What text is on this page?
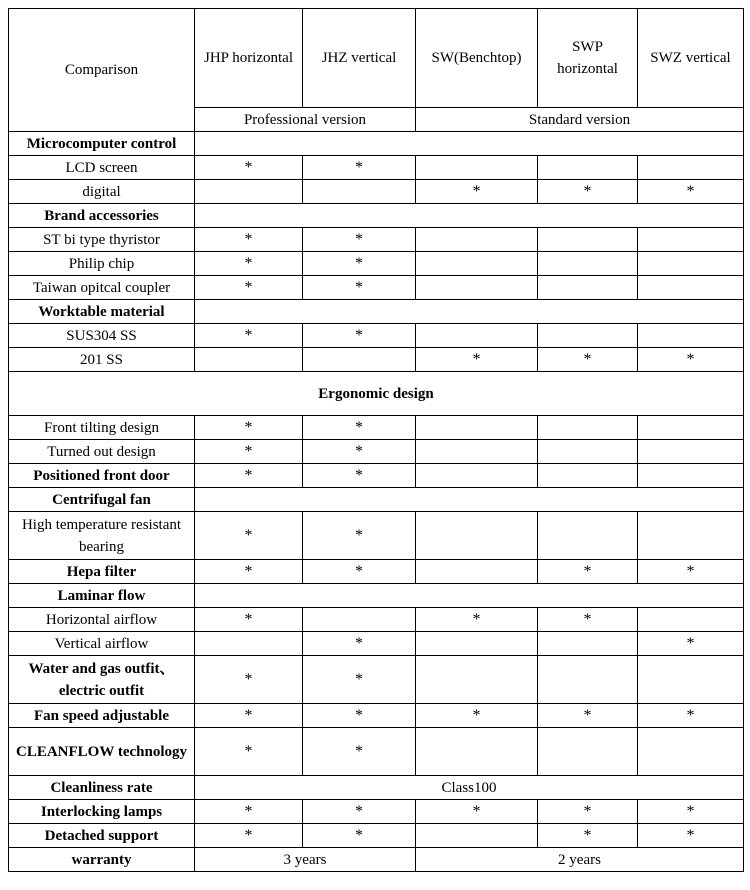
Comparison	JHP horizontal	JHZ vertical	SW(Benchtop)	SWP horizontal	SWZ vertical
	Professional version		Standard version		
Microcomputer control					
LCD screen	*	*			
digital			*	*	*
Brand accessories					
ST bi type thyristor	*	*			
Philip chip	*	*			
Taiwan opitcal coupler	*	*			
Worktable material					
SUS304 SS	*	*			
201 SS			*	*	*
Ergonomic design					
Front tilting design	*	*			
Turned out design	*	*			
Positioned front door	*	*			
Centrifugal fan					
High temperature resistant bearing	*	*			
Hepa filter	*	*		*	*
Laminar flow					
Horizontal airflow	*		*	*	
Vertical airflow		*			*
Water and gas outfit、electric outfit	*	*			
Fan speed adjustable	*	*	*	*	*
CLEANFLOW technology	*	*			
Cleanliness rate	Class100				
Interlocking lamps	*	*	*	*	*
Detached support	*	*		*	*
warranty	3 years		2 years		
